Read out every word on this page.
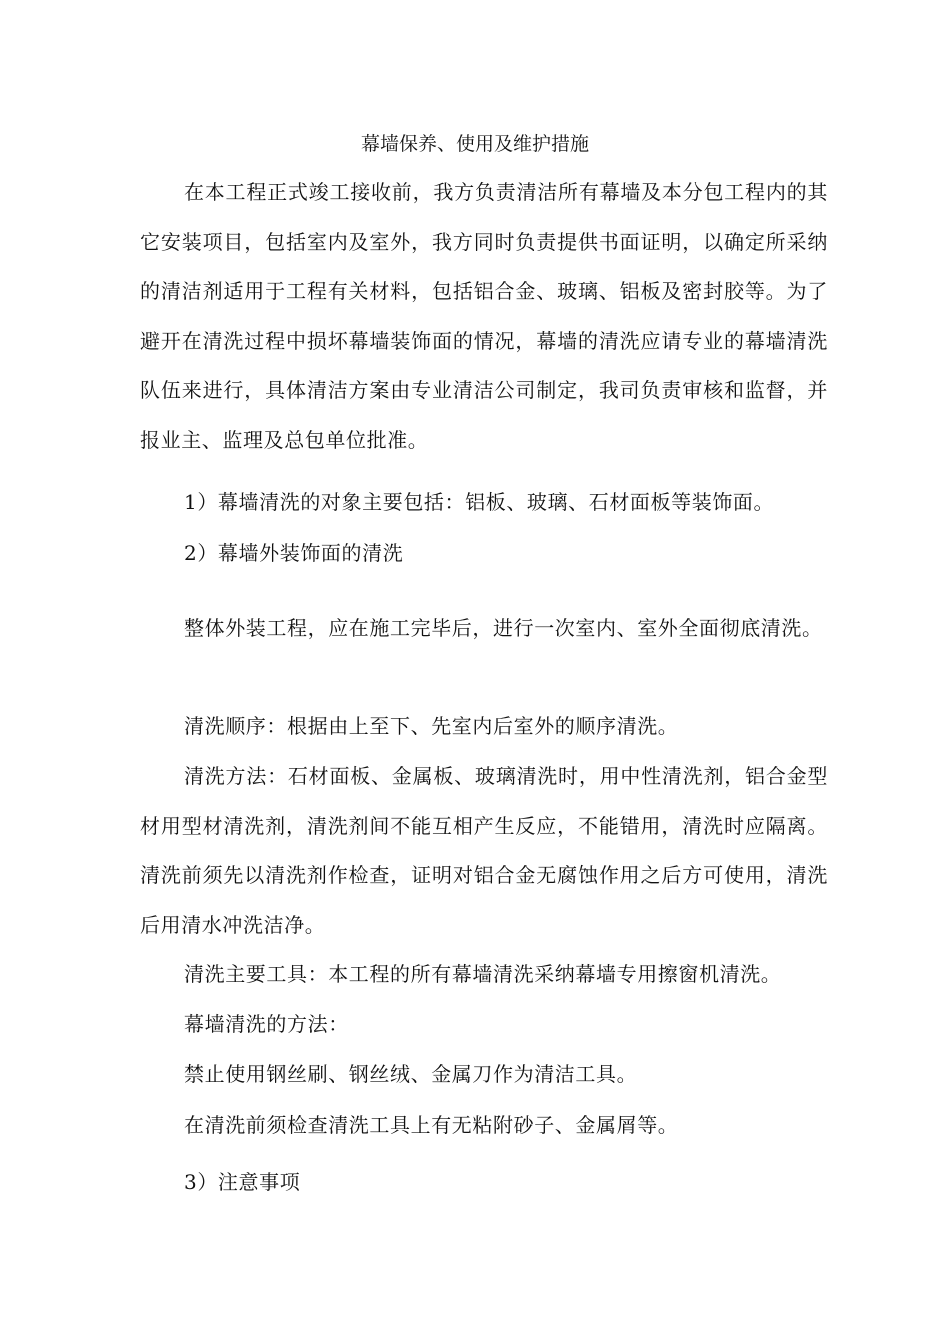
幕墙保养、使用及维护措施

在本工程正式竣工接收前，我方负责清洁所有幕墙及本分包工程内的其它安装项目，包括室内及室外，我方同时负责提供书面证明，以确定所采纳的清洁剂适用于工程有关材料，包括铝合金、玻璃、铝板及密封胶等。为了避开在清洗过程中损坏幕墙装饰面的情况，幕墙的清洗应请专业的幕墙清洗队伍来进行，具体清洁方案由专业清洁公司制定，我司负责审核和监督，并报业主、监理及总包单位批准。

1）幕墙清洗的对象主要包括：铝板、玻璃、石材面板等装饰面。

2）幕墙外装饰面的清洗

整体外装工程，应在施工完毕后，进行一次室内、室外全面彻底清洗。

清洗顺序：根据由上至下、先室内后室外的顺序清洗。

清洗方法：石材面板、金属板、玻璃清洗时，用中性清洗剂，铝合金型材用型材清洗剂，清洗剂间不能互相产生反应，不能错用，清洗时应隔离。清洗前须先以清洗剂作检查，证明对铝合金无腐蚀作用之后方可使用，清洗后用清水冲洗洁净。

清洗主要工具：本工程的所有幕墙清洗采纳幕墙专用擦窗机清洗。

幕墙清洗的方法：

禁止使用钢丝刷、钢丝绒、金属刀作为清洁工具。

在清洗前须检查清洗工具上有无粘附砂子、金属屑等。

3）注意事项
